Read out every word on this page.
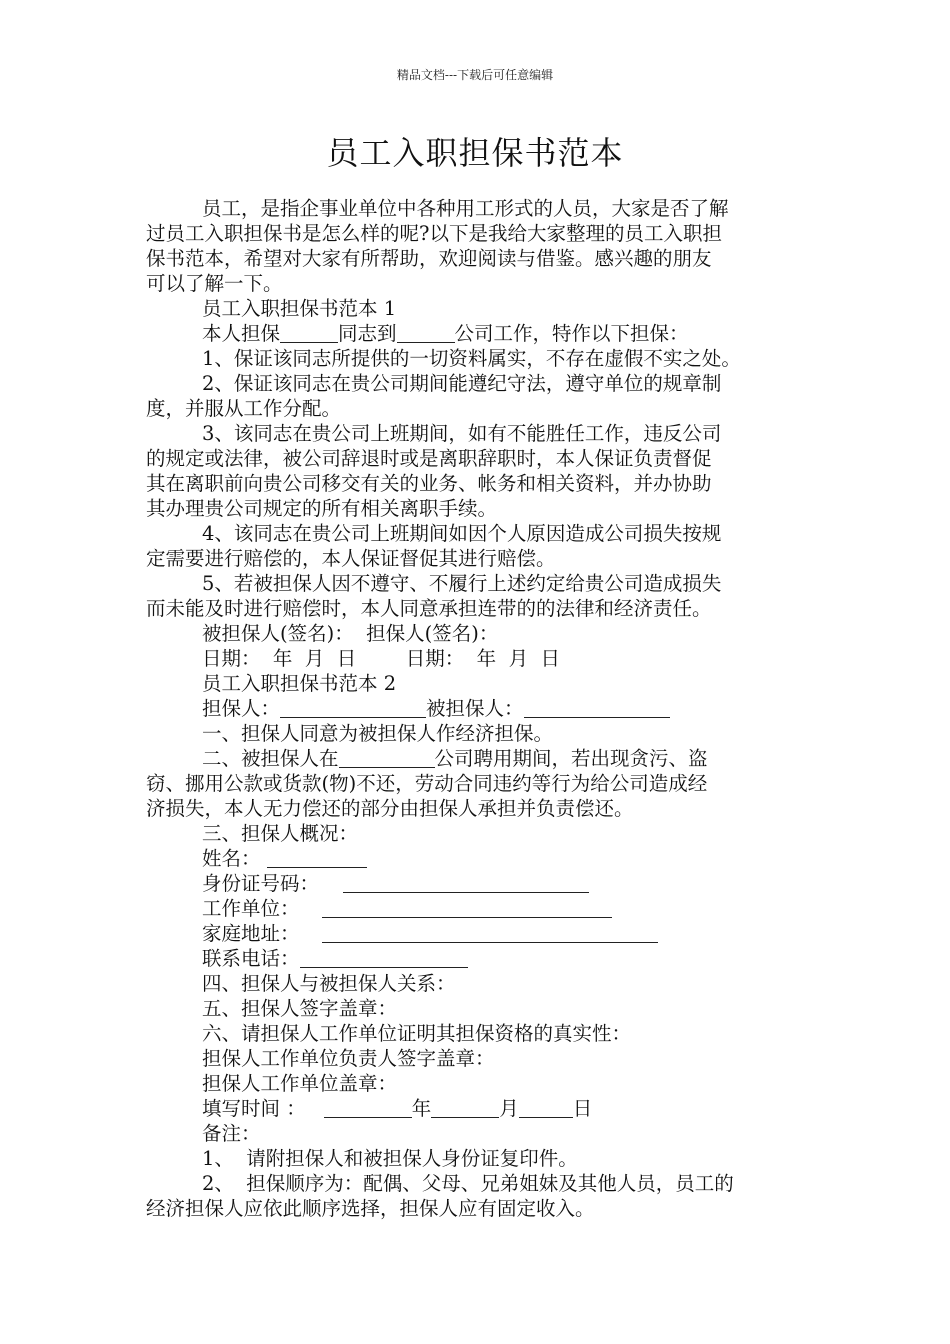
精品文档---下载后可任意编辑
员工入职担保书范本

员工，是指企事业单位中各种用工形式的人员，大家是否了解

过员工入职担保书是怎么样的呢?以下是我给大家整理的员工入职担

保书范本，希望对大家有所帮助，欢迎阅读与借鉴。感兴趣的朋友

可以了解一下。

员工入职担保书范本 1

本人担保	同志到	公司工作，特作以下担保：

1、保证该同志所提供的一切资料属实，不存在虚假不实之处。

2、保证该同志在贵公司期间能遵纪守法，遵守单位的规章制

度，并服从工作分配。

3、该同志在贵公司上班期间，如有不能胜任工作，违反公司

的规定或法律，被公司辞退时或是离职辞职时，本人保证负责督促

其在离职前向贵公司移交有关的业务、帐务和相关资料，并办协助

其办理贵公司规定的所有相关离职手续。

4、该同志在贵公司上班期间如因个人原因造成公司损失按规

定需要进行赔偿的，本人保证督促其进行赔偿。

5、若被担保人因不遵守、不履行上述约定给贵公司造成损失

而未能及时进行赔偿时，本人同意承担连带的的法律和经济责任。

被担保人(签名)：  担保人(签名)：

日期：  年  月  日        日期：  年  月  日

员工入职担保书范本 2

担保人：	被担保人：

一、担保人同意为被担保人作经济担保。

二、被担保人在	公司聘用期间，若出现贪污、盗

窃、挪用公款或货款(物)不还，劳动合同违约等行为给公司造成经

济损失，本人无力偿还的部分由担保人承担并负责偿还。

三、担保人概况：

姓名：

身份证号码：

工作单位：

家庭地址：

联系电话：

四、担保人与被担保人关系：

五、担保人签字盖章：

六、请担保人工作单位证明其担保资格的真实性：

担保人工作单位负责人签字盖章：

担保人工作单位盖章：

填写时间 ：	年	月	日

备注：

1、  请附担保人和被担保人身份证复印件。

2、  担保顺序为：配偶、父母、兄弟姐妹及其他人员，员工的

经济担保人应依此顺序选择，担保人应有固定收入。
